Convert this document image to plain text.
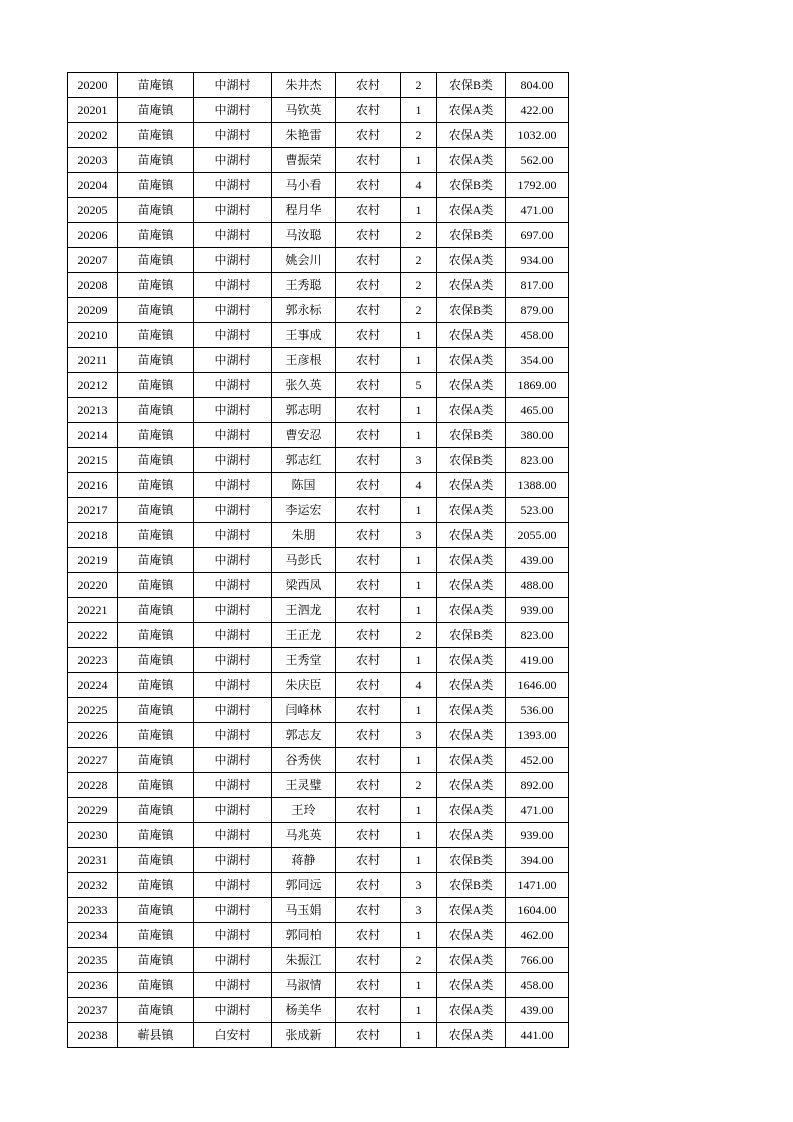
20200	苗庵镇	中湖村	朱井杰	农村	2	农保B类	804.00
20201	苗庵镇	中湖村	马钦英	农村	1	农保A类	422.00
20202	苗庵镇	中湖村	朱艳雷	农村	2	农保A类	1032.00
20203	苗庵镇	中湖村	曹振荣	农村	1	农保A类	562.00
20204	苗庵镇	中湖村	马小看	农村	4	农保B类	1792.00
20205	苗庵镇	中湖村	程月华	农村	1	农保A类	471.00
20206	苗庵镇	中湖村	马汝聪	农村	2	农保B类	697.00
20207	苗庵镇	中湖村	姚会川	农村	2	农保A类	934.00
20208	苗庵镇	中湖村	王秀聪	农村	2	农保A类	817.00
20209	苗庵镇	中湖村	郭永标	农村	2	农保B类	879.00
20210	苗庵镇	中湖村	王事成	农村	1	农保A类	458.00
20211	苗庵镇	中湖村	王彦根	农村	1	农保A类	354.00
20212	苗庵镇	中湖村	张久英	农村	5	农保A类	1869.00
20213	苗庵镇	中湖村	郭志明	农村	1	农保A类	465.00
20214	苗庵镇	中湖村	曹安忍	农村	1	农保B类	380.00
20215	苗庵镇	中湖村	郭志红	农村	3	农保B类	823.00
20216	苗庵镇	中湖村	陈国	农村	4	农保A类	1388.00
20217	苗庵镇	中湖村	李运宏	农村	1	农保A类	523.00
20218	苗庵镇	中湖村	朱朋	农村	3	农保A类	2055.00
20219	苗庵镇	中湖村	马彭氏	农村	1	农保A类	439.00
20220	苗庵镇	中湖村	梁西凤	农村	1	农保A类	488.00
20221	苗庵镇	中湖村	王泗龙	农村	1	农保A类	939.00
20222	苗庵镇	中湖村	王正龙	农村	2	农保B类	823.00
20223	苗庵镇	中湖村	王秀堂	农村	1	农保A类	419.00
20224	苗庵镇	中湖村	朱庆臣	农村	4	农保A类	1646.00
20225	苗庵镇	中湖村	闫峰林	农村	1	农保A类	536.00
20226	苗庵镇	中湖村	郭志友	农村	3	农保A类	1393.00
20227	苗庵镇	中湖村	谷秀侠	农村	1	农保A类	452.00
20228	苗庵镇	中湖村	王灵璧	农村	2	农保A类	892.00
20229	苗庵镇	中湖村	王玲	农村	1	农保A类	471.00
20230	苗庵镇	中湖村	马兆英	农村	1	农保A类	939.00
20231	苗庵镇	中湖村	蒋静	农村	1	农保B类	394.00
20232	苗庵镇	中湖村	郭同远	农村	3	农保B类	1471.00
20233	苗庵镇	中湖村	马玉娟	农村	3	农保A类	1604.00
20234	苗庵镇	中湖村	郭同柏	农村	1	农保A类	462.00
20235	苗庵镇	中湖村	朱振江	农村	2	农保A类	766.00
20236	苗庵镇	中湖村	马淑情	农村	1	农保A类	458.00
20237	苗庵镇	中湖村	杨美华	农村	1	农保A类	439.00
20238	蕲县镇	白安村	张成新	农村	1	农保A类	441.00
